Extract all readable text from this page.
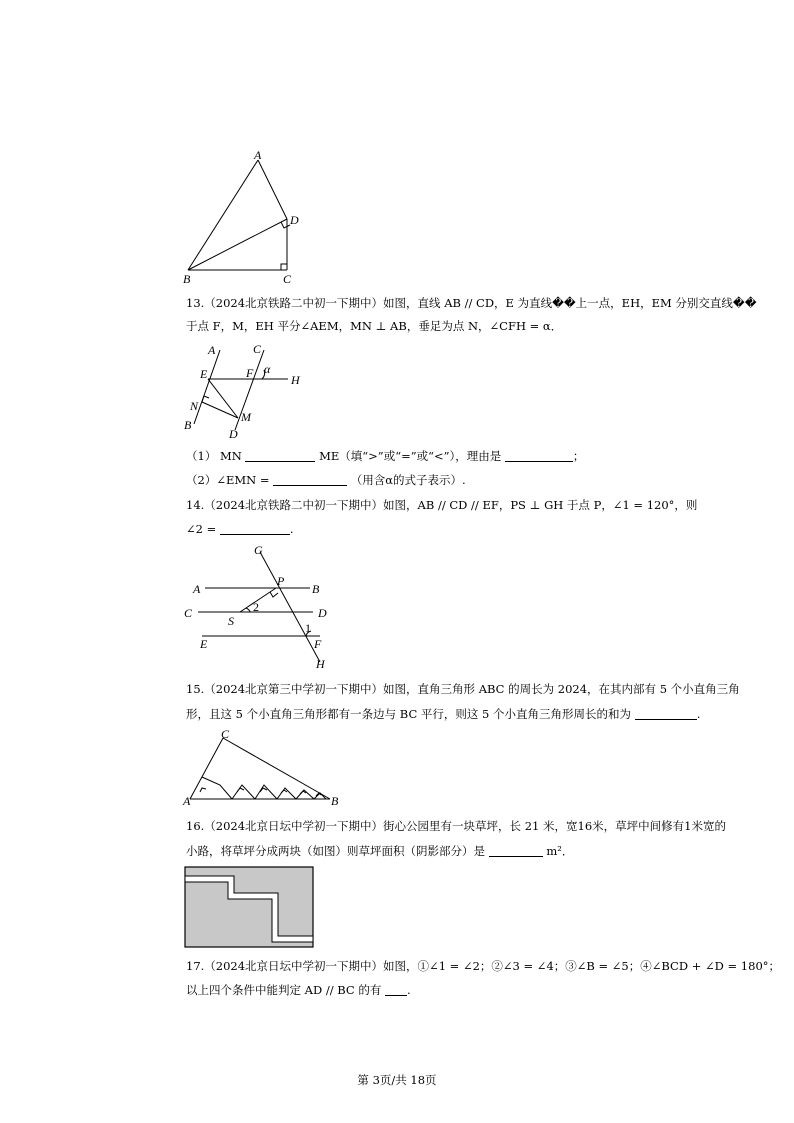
A
D
B	C
13.（2024北京铁路二中初一下期中）如图，直线 AB // CD，E 为直线��上一点，EH，EM 分别交直线��
于点 F，M，EH 平分∠AEM，MN ⊥ AB，垂足为点 N，∠CFH = α．
A	C
E	F α
H
N
M
B
D
（1） MN	ME（填“>”或“=”或“<”），理由是	；
（2）∠EMN =	（用含α的式子表示）.
14.（2024北京铁路二中初一下期中）如图，AB // CD // EF，PS ⊥ GH 于点 P，∠1 = 120°，则
∠2 =	.
G
A
P
B
C	2	D
S	1
E	F
H
15.（2024北京第三中学初一下期中）如图，直角三角形 ABC 的周长为 2024，在其内部有 5 个小直角三角
形，且这 5 个小直角三角形都有一条边与 BC 平行，则这 5 个小直角三角形周长的和为	.
C
A	B
16.（2024北京日坛中学初一下期中）街心公园里有一块草坪，长 21 米，宽16米，草坪中间修有1米宽的
小路，将草坪分成两块（如图）则草坪面积（阴影部分）是	m²．
17.（2024北京日坛中学初一下期中）如图，①∠1 = ∠2；②∠3 = ∠4；③∠B = ∠5；④∠BCD + ∠D = 180°；
以上四个条件中能判定 AD // BC 的有 .
第 3页/共 18页
